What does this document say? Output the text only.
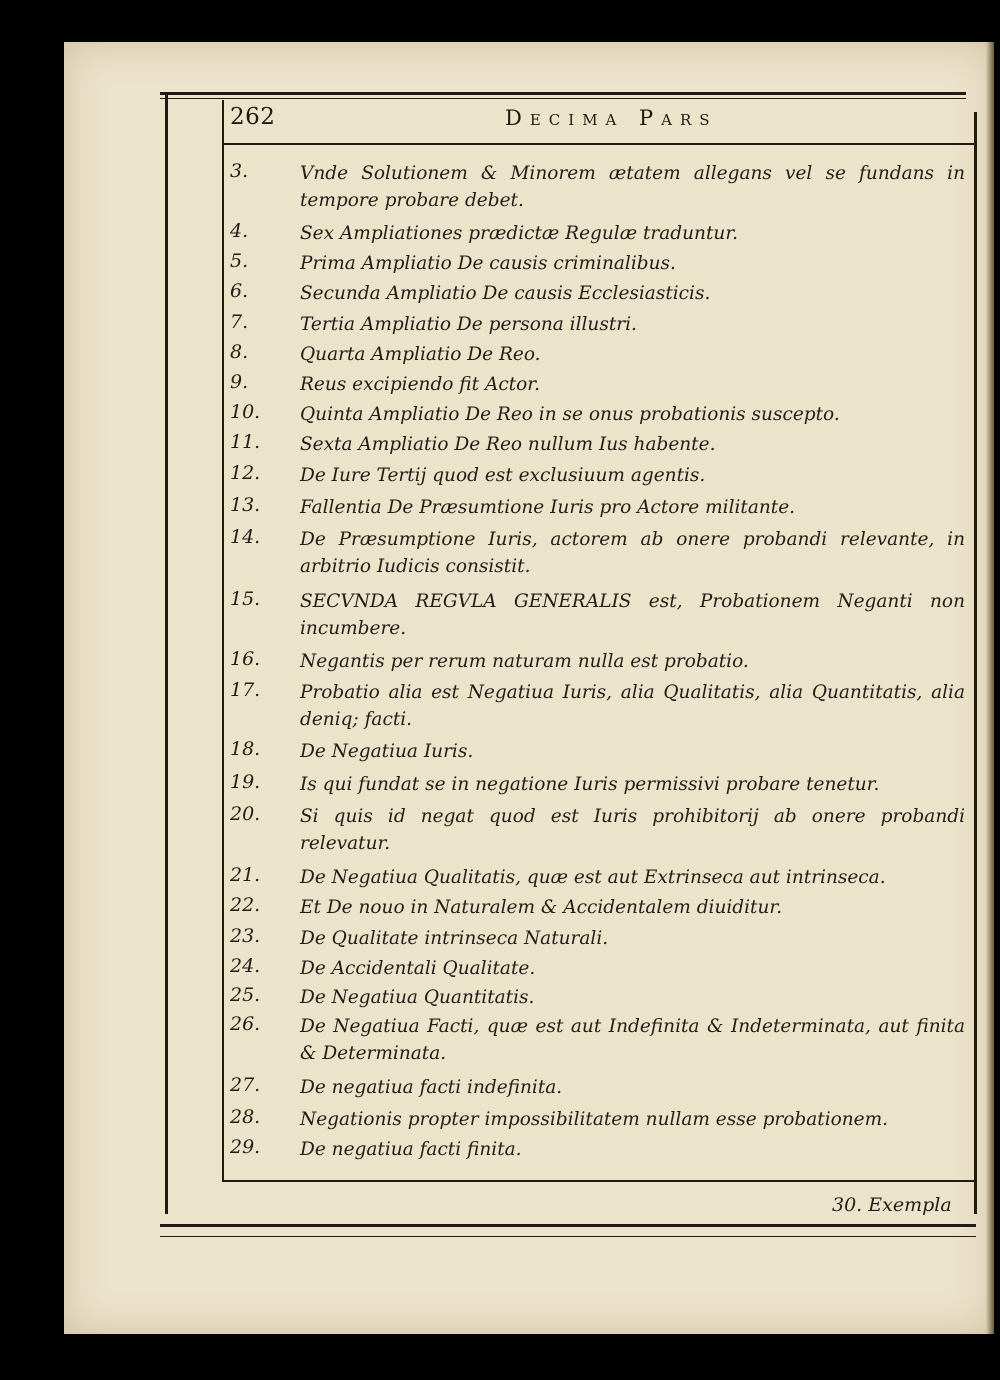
262	Decima Pars
3.	Vnde Solutionem & Minorem ætatem allegans vel se fundans in tempore probare debet.
4.	Sex Ampliationes prædictæ Regulæ traduntur.
5.	Prima Ampliatio De causis criminalibus.
6.	Secunda Ampliatio De causis Ecclesiasticis.
7.	Tertia Ampliatio De persona illustri.
8.	Quarta Ampliatio De Reo.
9.	Reus excipiendo fit Actor.
10. Quinta Ampliatio De Reo in se onus probationis suscepto.
11. Sexta Ampliatio De Reo nullum Ius habente.
12. De Iure Tertij quod est exclusiuum agentis.
13. Fallentia De Præsumtione Iuris pro Actore militante.
14. De Præsumptione Iuris, actorem ab onere probandi relevante, in arbitrio Iudicis consistit.
15. SECVNDA REGVLA GENERALIS est, Probationem Neganti non incumbere.
16. Negantis per rerum naturam nulla est probatio.
17. Probatio alia est Negatiua Iuris, alia Qualitatis, alia Quantitatis, alia deniq; facti.
18. De Negatiua Iuris.
19. Is qui fundat se in negatione Iuris permissivi probare tenetur.
20. Si quis id negat quod est Iuris prohibitorij ab onere probandi relevatur.
21. De Negatiua Qualitatis, quæ est aut Extrinseca aut intrinseca.
22. Et De nouo in Naturalem & Accidentalem diuiditur.
23. De Qualitate intrinseca Naturali.
24. De Accidentali Qualitate.
25. De Negatiua Quantitatis.
26. De Negatiua Facti, quæ est aut Indefinita & Indeterminata, aut finita & Determinata.
27. De negatiua facti indefinita.
28. Negationis propter impossibilitatem nullam esse probationem.
29. De negatiua facti finita.
30. Exempla
